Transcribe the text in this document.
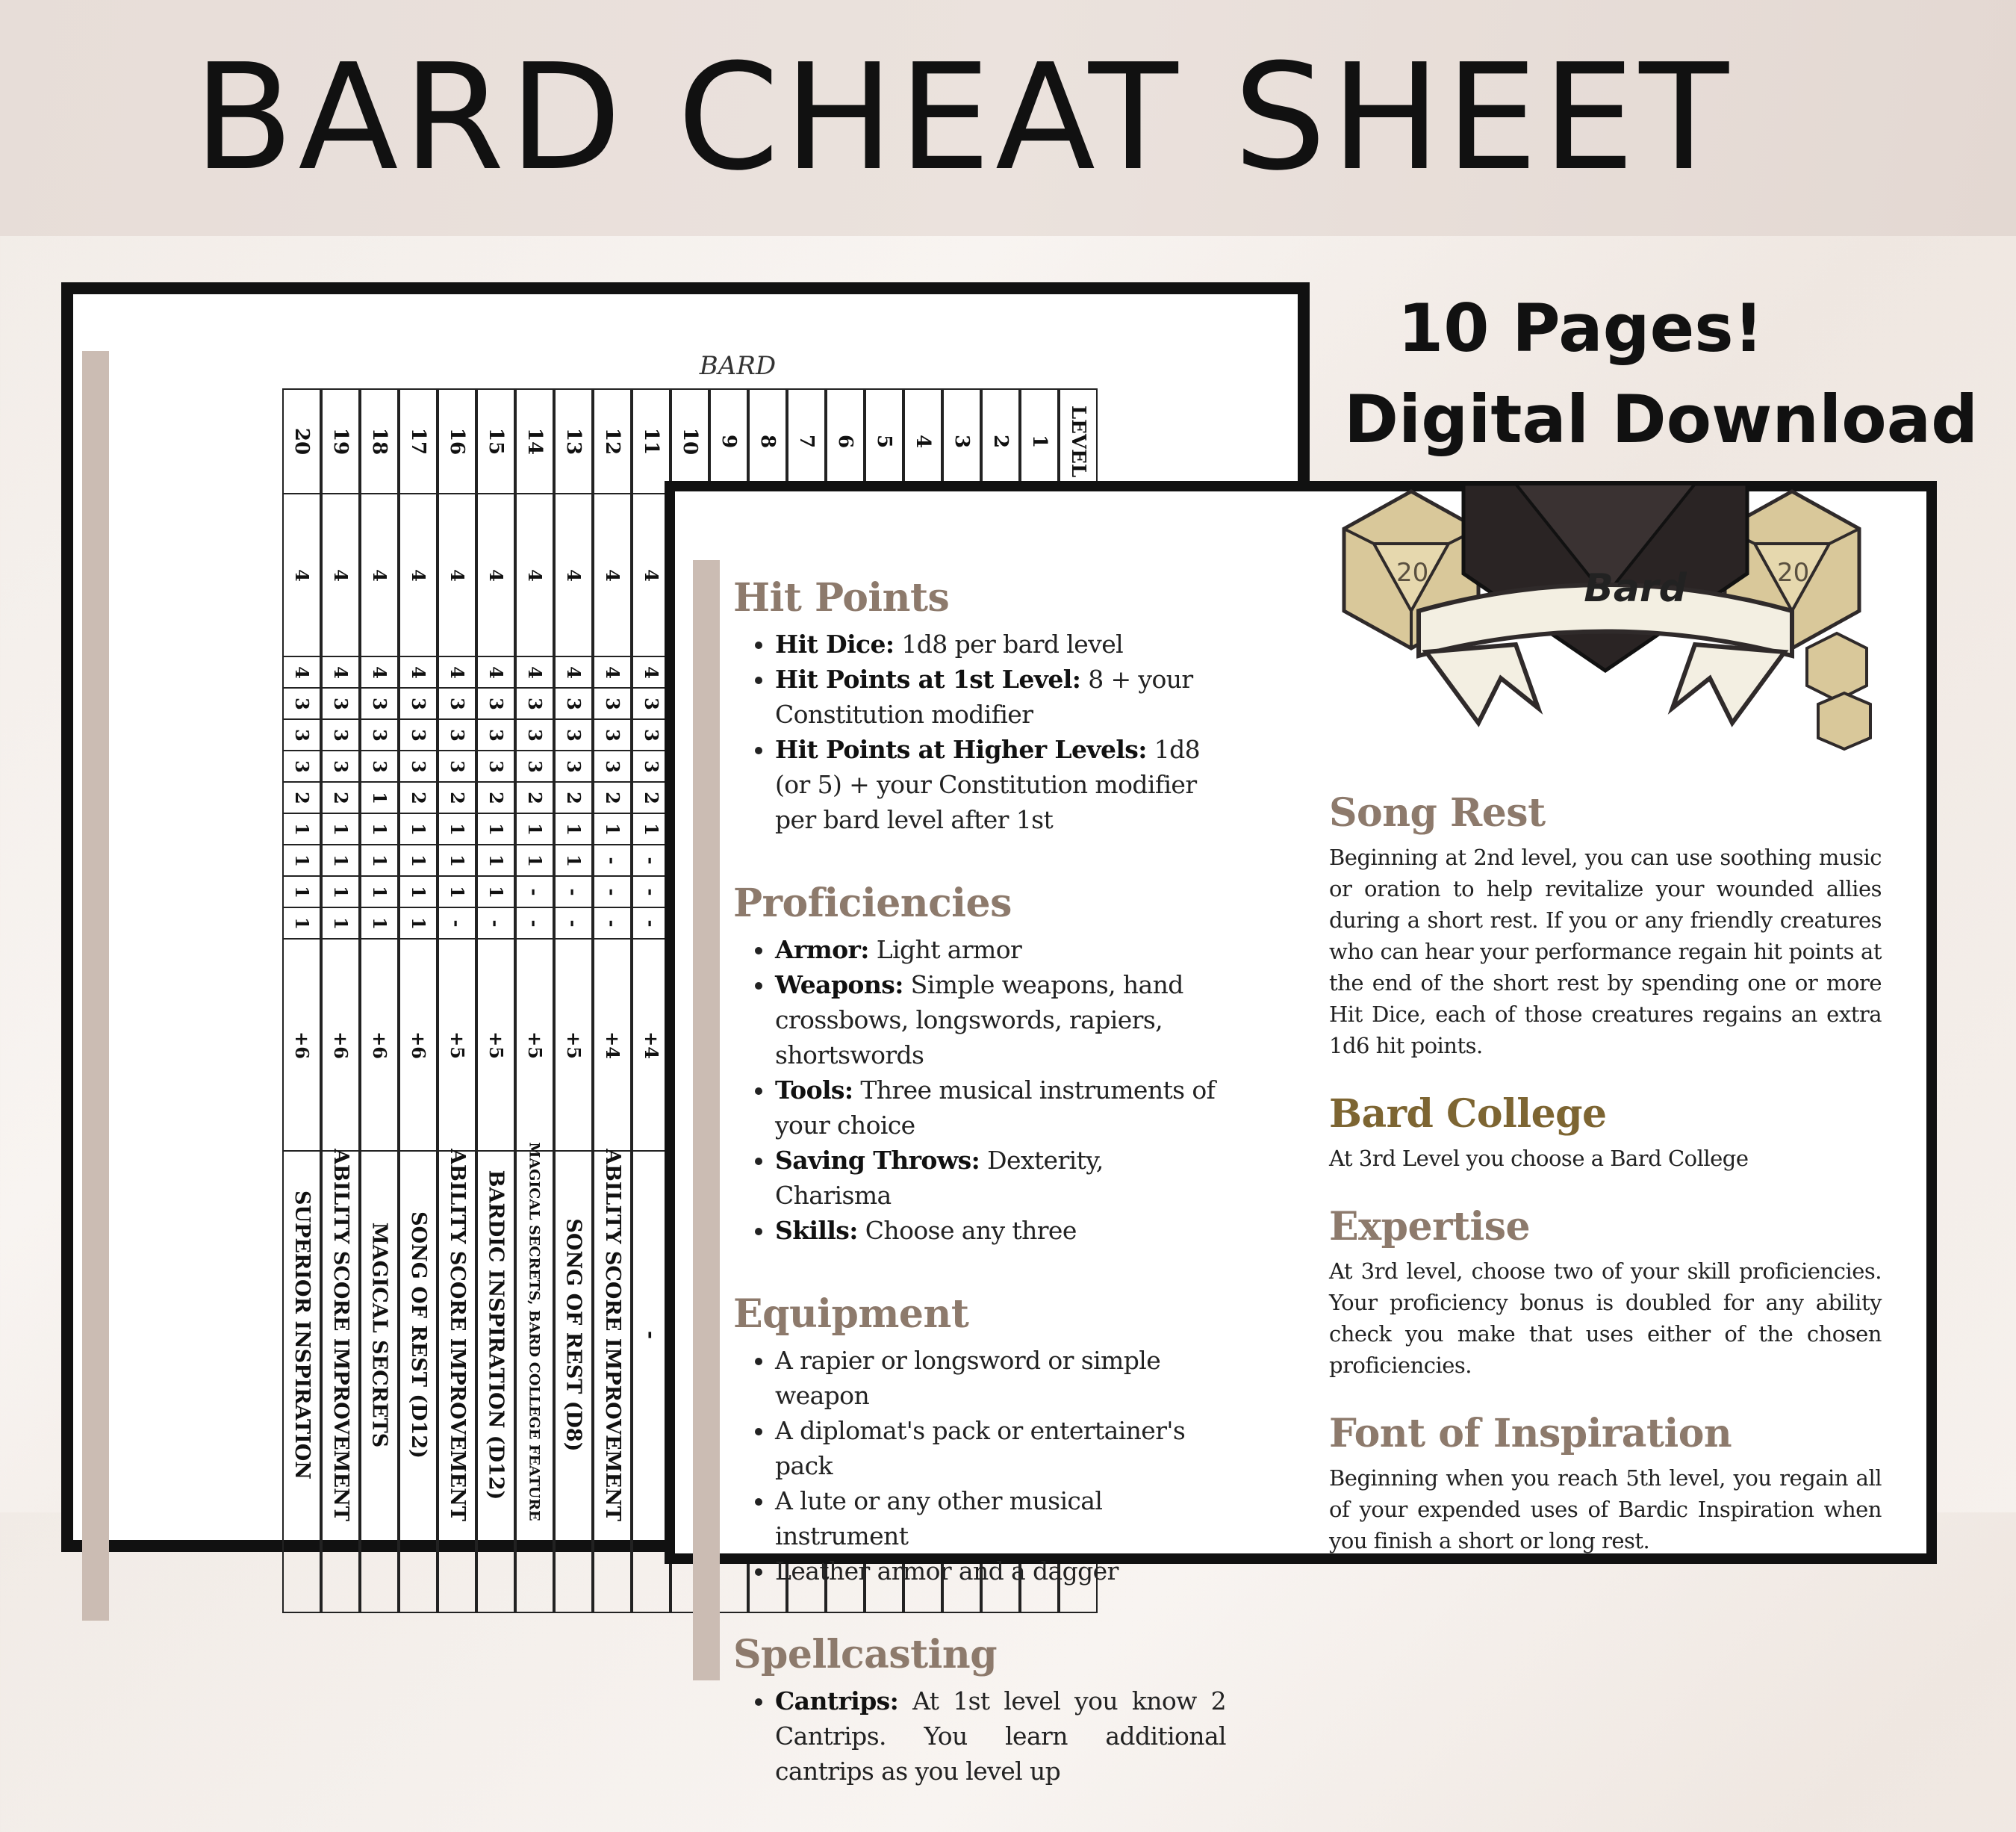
BARD CHEAT SHEET
10 Pages!
Digital Download
BARD
20
4
4
3
3
3
2
1
1
1
1
+6
SUPERIOR INSPIRATION
19
4
4
3
3
3
2
1
1
1
1
+6
ABILITY SCORE IMPROVEMENT
18
4
4
3
3
3
1
1
1
1
1
+6
MAGICAL SECRETS
17
4
4
3
3
3
2
1
1
1
1
+6
SONG OF REST (D12)
16
4
4
3
3
3
2
1
1
1
-
+5
ABILITY SCORE IMPROVEMENT
15
4
4
3
3
3
2
1
1
1
-
+5
BARDIC INSPIRATION (D12)
14
4
4
3
3
3
2
1
1
-
-
+5
MAGICAL SECRETS, BARD COLLEGE FEATURE
13
4
4
3
3
3
2
1
1
-
-
+5
SONG OF REST (D8)
12
4
4
3
3
3
2
1
-
-
-
+4
ABILITY SCORE IMPROVEMENT
11
4
4
3
3
3
2
1
-
-
-
+4
-
10 9 8 7 6 5 4 3 2 1 LEVEL
20	20
Bard
Hit Points
• Hit Dice: 1d8 per bard level
• Hit Points at 1st Level: 8 + your Constitution modifier
• Hit Points at Higher Levels: 1d8 (or 5) + your Constitution modifier per bard level after 1st
Proficiencies
• Armor: Light armor
• Weapons: Simple weapons, hand crossbows, longswords, rapiers, shortswords
• Tools: Three musical instruments of your choice
• Saving Throws: Dexterity, Charisma
• Skills: Choose any three
Equipment
• A rapier or longsword or simple weapon
• A diplomat's pack or entertainer's pack
• A lute or any other musical instrument
• Leather armor and a dagger
Spellcasting
• Cantrips: At 1st level you know 2 Cantrips. You learn additional cantrips as you level up
Song Rest

Beginning at 2nd level, you can use soothing music or oration to help revitalize your wounded allies during a short rest. If you or any friendly creatures who can hear your performance regain hit points at the end of the short rest by spending one or more Hit Dice, each of those creatures regains an extra 1d6 hit points.

Bard College

At 3rd Level you choose a Bard College

Expertise

At 3rd level, choose two of your skill proficiencies. Your proficiency bonus is doubled for any ability check you make that uses either of the chosen proficiencies.

Font of Inspiration

Beginning when you reach 5th level, you regain all of your expended uses of Bardic Inspiration when you finish a short or long rest.
